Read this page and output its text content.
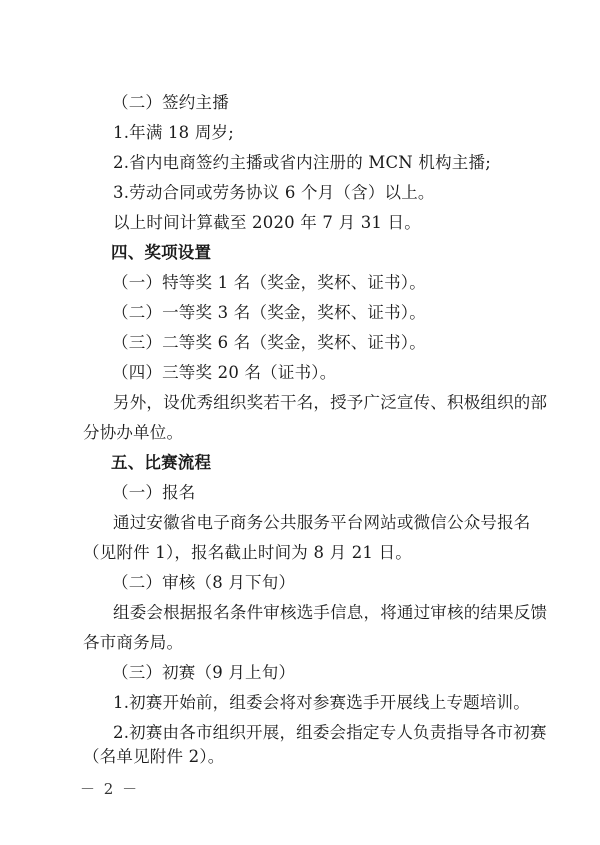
（二）签约主播
1.年满 18 周岁;
2.省内电商签约主播或省内注册的 MCN 机构主播;
3.劳动合同或劳务协议 6 个月（含）以上。
以上时间计算截至 2020 年 7 月 31 日。
四、奖项设置
（一）特等奖 1 名（奖金，奖杯、证书）。
（二）一等奖 3 名（奖金，奖杯、证书）。
（三）二等奖 6 名（奖金，奖杯、证书）。
（四）三等奖 20 名（证书）。
另外，设优秀组织奖若干名，授予广泛宣传、积极组织的部
分协办单位。
五、比赛流程
（一）报名
通过安徽省电子商务公共服务平台网站或微信公众号报名
（见附件 1），报名截止时间为 8 月 21 日。
（二）审核（8 月下旬）
组委会根据报名条件审核选手信息，将通过审核的结果反馈
各市商务局。
（三）初赛（9 月上旬）
1.初赛开始前，组委会将对参赛选手开展线上专题培训。
2.初赛由各市组织开展，组委会指定专人负责指导各市初赛
（名单见附件 2）。
－ 2 －
